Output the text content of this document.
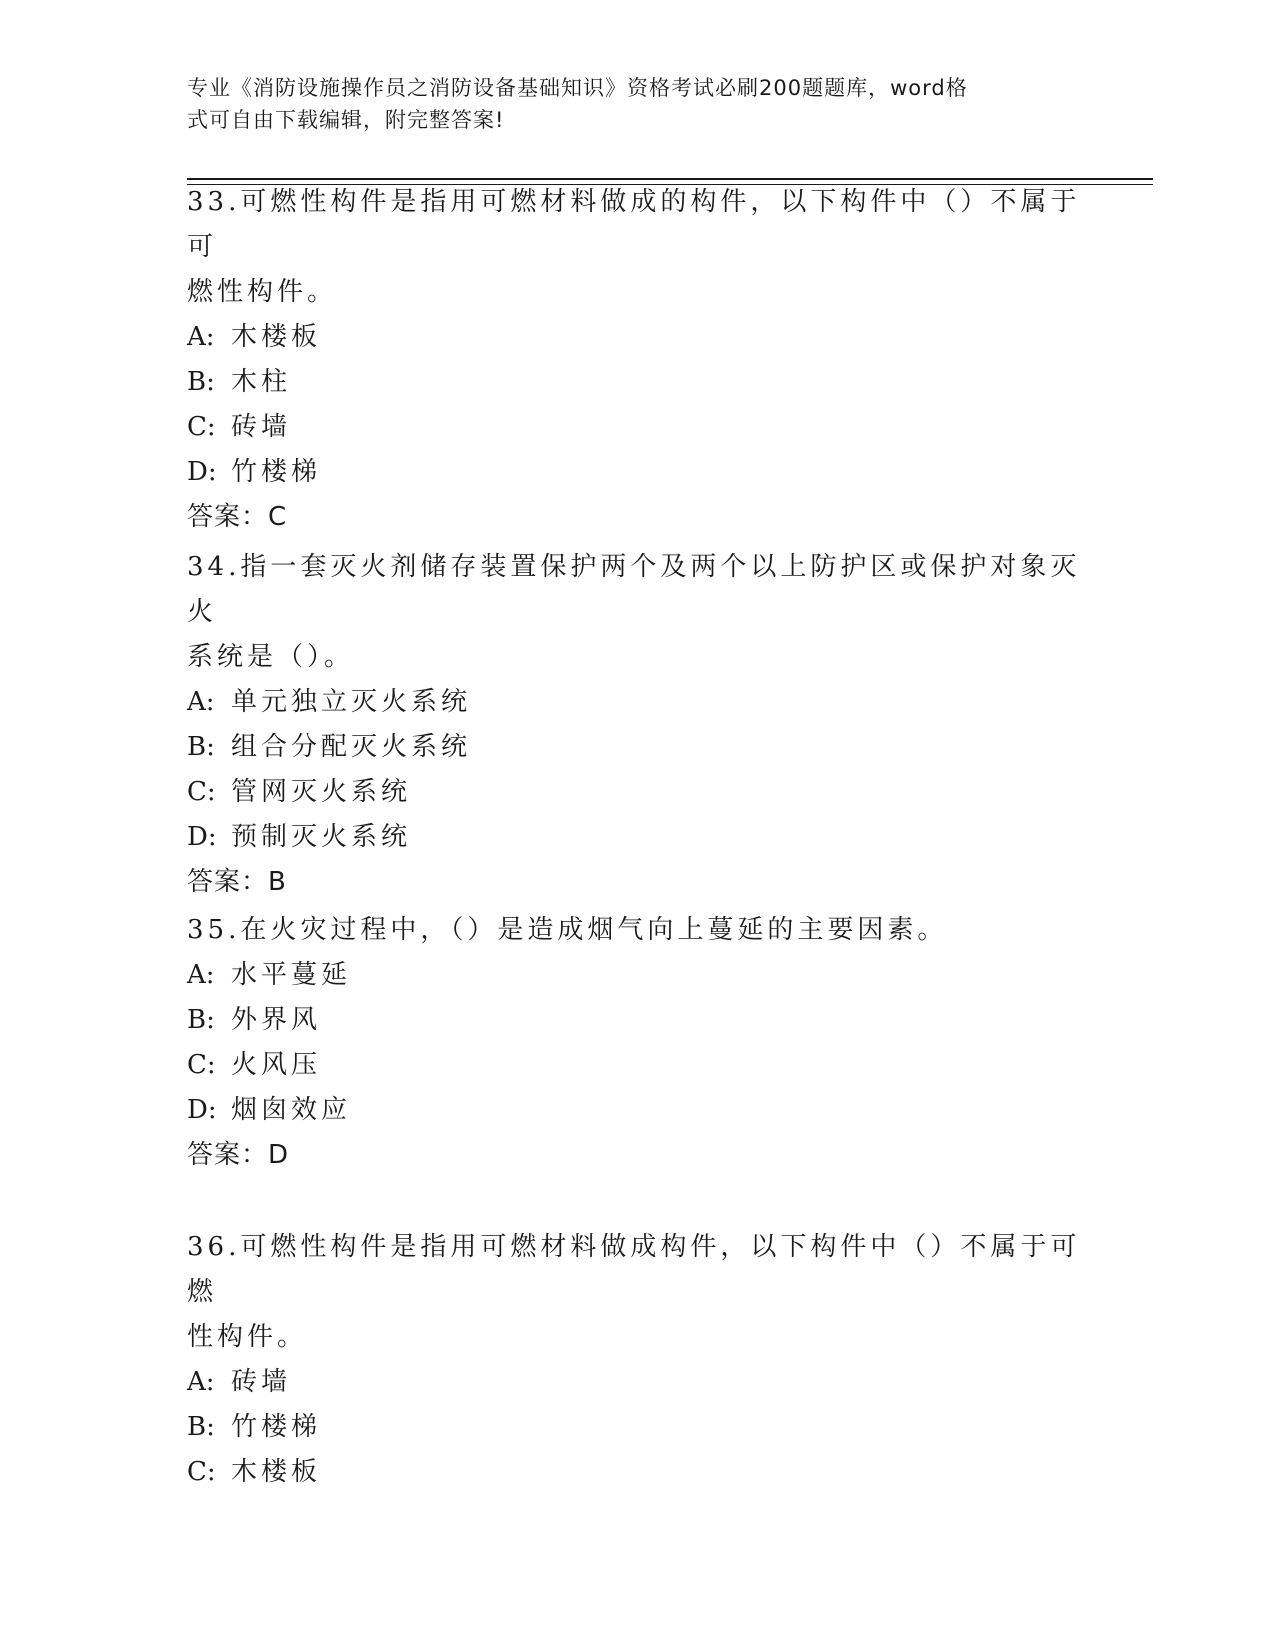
专业《消防设施操作员之消防设备基础知识》资格考试必刷200题题库，word格
式可自由下载编辑，附完整答案!

33.可燃性构件是指用可燃材料做成的构件，以下构件中（）不属于可
燃性构件。

A: 木楼板

B: 木柱

C: 砖墙

D: 竹楼梯

答案：C

34.指一套灭火剂储存装置保护两个及两个以上防护区或保护对象灭火
系统是（）。

A: 单元独立灭火系统

B: 组合分配灭火系统

C: 管网灭火系统

D: 预制灭火系统

答案：B

35.在火灾过程中，（）是造成烟气向上蔓延的主要因素。

A: 水平蔓延

B: 外界风

C: 火风压

D: 烟囱效应

答案：D

36.可燃性构件是指用可燃材料做成构件，以下构件中（）不属于可燃
性构件。

A: 砖墙

B: 竹楼梯

C: 木楼板
